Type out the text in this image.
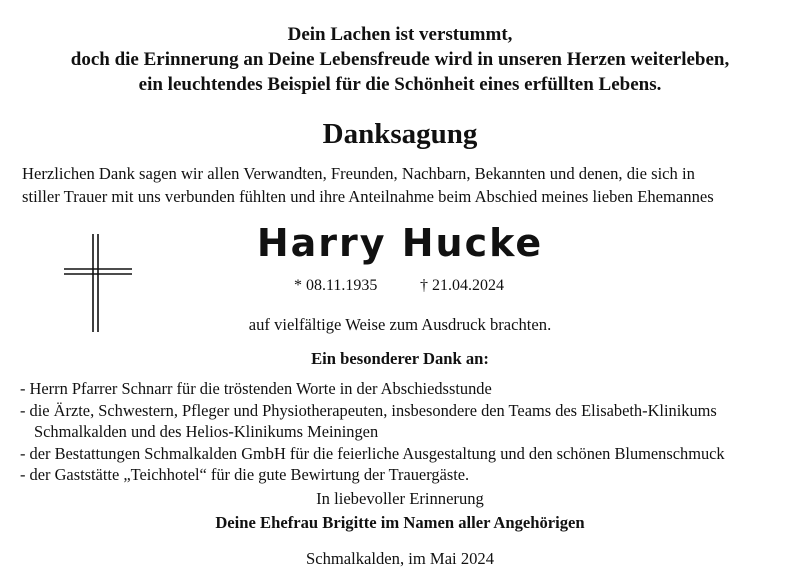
Dein Lachen ist verstummt,
doch die Erinnerung an Deine Lebensfreude wird in unseren Herzen weiterleben,
ein leuchtendes Beispiel für die Schönheit eines erfüllten Lebens.
Danksagung
Herzlichen Dank sagen wir allen Verwandten, Freunden, Nachbarn, Bekannten und denen, die sich in
stiller Trauer mit uns verbunden fühlten und ihre Anteilnahme beim Abschied meines lieben Ehemannes
Harry Hucke
* 08.11.1935	† 21.04.2024
auf vielfältige Weise zum Ausdruck brachten.
Ein besonderer Dank an:
- Herrn Pfarrer Schnarr für die tröstenden Worte in der Abschiedsstunde
- die Ärzte, Schwestern, Pfleger und Physiotherapeuten, insbesondere den Teams des Elisabeth-Klinikums
Schmalkalden und des Helios-Klinikums Meiningen
- der Bestattungen Schmalkalden GmbH für die feierliche Ausgestaltung und den schönen Blumenschmuck
- der Gaststätte „Teichhotel“ für die gute Bewirtung der Trauergäste.
In liebevoller Erinnerung
Deine Ehefrau Brigitte im Namen aller Angehörigen
Schmalkalden, im Mai 2024
